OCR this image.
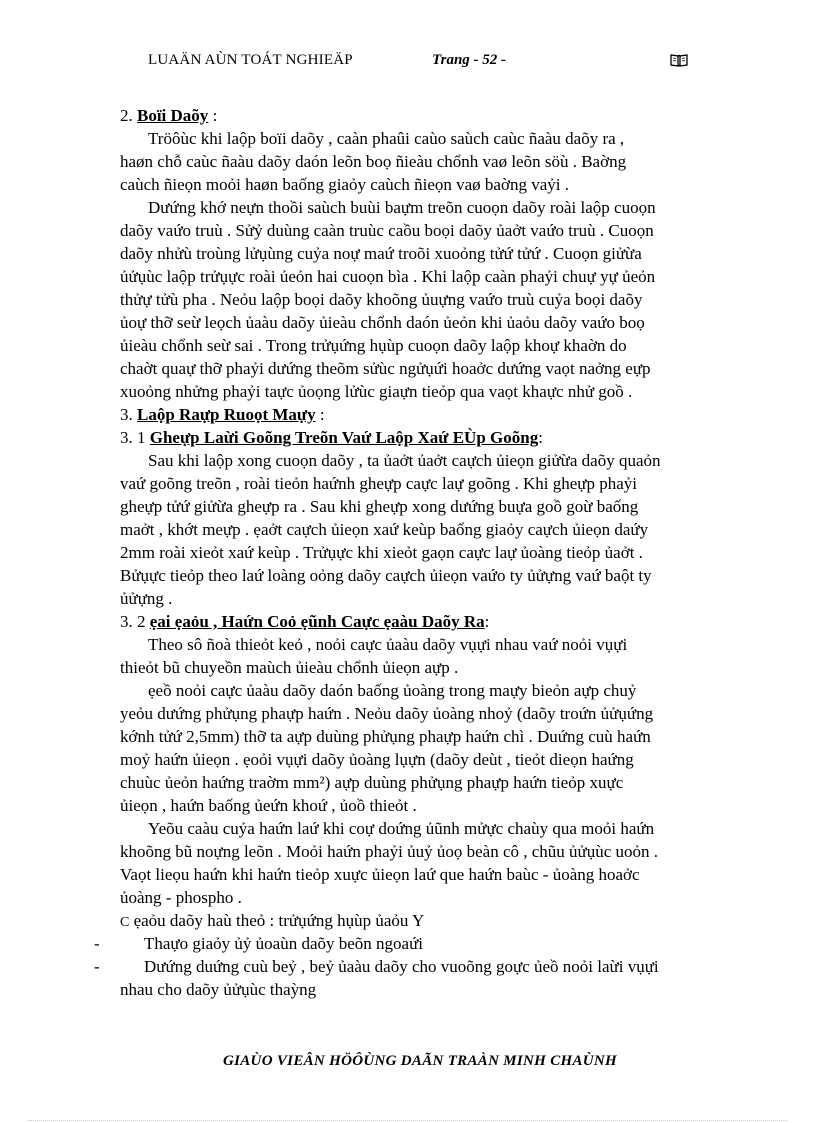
LUAÄN AÙN TOÁT NGHIEÄP	Trang - 52 -
2. Boïi Daõy :
Tröôùc khi laộp boïi daõy , caàn phaûi caùo saùch caùc ñaàu daõy ra ,
haøn chỗ caùc ñaàu daõy daón leõn boọ ñieàu chổnh vaø leõn söù . Baờng
caùch ñieọn moỏi haøn baống giaỏy caùch ñieọn vaø baờng vaỷi .
Dưứng khớ neựn thoồi saùch buùi baựm treõn cuoọn daõy roài laộp cuoọn
daõy vaứo truù . Sửỷ duùng caàn truùc caồu boọi daõy ủaởt vaứo truù . Cuoọn
daõy nhửù troùng lửụùng cuỷa noự maứ troõi xuoỏng tửứ tửứ . Cuoọn giửừa
ủửụùc laộp trửụực roài ủeỏn hai cuoọn bìa . Khi laộp caàn phaỷi chuự yự ủeỏn
thửự tửù pha . Neỏu laộp boọi daõy khoõng ủuựng vaứo truù cuỷa boọi daõy
ủoự thỡ seừ leọch ủaàu daõy ủieàu chổnh daón ủeỏn khi ủaỏu daõy vaứo boọ
ủieàu chổnh seừ sai . Trong trửụứng hụùp cuoọn daõy laộp khoự khaờn do
chaờt quaự thỡ phaỷi dưứng theõm sửùc ngửụứi hoaởc dưứng vaọt naởng eựp
xuoỏng nhửng phaỷi taực ủoọng lửùc giaựn tieỏp qua vaọt khaực nhử goồ .
3. Laộp Raựp Ruoọt Maựy :
3. 1 Gheựp Laừi Goõng Treõn Vaứ Laộp Xaứ EÙp Goõng:
Sau khi laộp xong cuoọn daõy , ta ủaởt ủaởt caựch ủieọn giửừa daõy quaỏn
vaứ goõng treõn , roài tieỏn haứnh gheựp caực laự goõng . Khi gheựp phaỷi
gheựp tửứ giửừa gheựp ra . Sau khi gheựp xong dưứng buựa goồ goừ baống
maởt , khớt meựp . ẹaởt caựch ủieọn xaứ keùp baống giaỏy caựch ủieọn daứy
2mm roài xieỏt xaứ keùp . Trửụực khi xieỏt gaọn caực laự ủoàng tieỏp ủaởt .
Bửụực tieỏp theo laứ loàng oỏng daõy caựch ủieọn vaứo ty ủửựng vaứ baột ty
ủửựng .
3. 2 ẹai ẹaỏu , Haứn Coỏ ẹũnh Caực ẹaàu Daõy Ra:
Theo sô ñoà thieỏt keỏ , noỏi caực ủaàu daõy vụựi nhau vaứ noỏi vụựi
thieỏt bũ chuyeồn maùch ủieàu chổnh ủieọn aựp .
ẹeồ noỏi caực ủaàu daõy daón baống ủoàng trong maựy bieỏn aựp chuỷ
yeỏu dưứng phửụng phaựp haứn . Neỏu daõy ủoàng nhoỷ (daõy troứn ủửụứng
kớnh tửứ 2,5mm) thỡ ta aựp duùng phửụng phaựp haứn chì . Duứng cuù haứn
moỷ haứn ủieọn . ẹoỏi vụựi daõy ủoàng lụựn (daõy deùt , tieỏt dieọn haứng
chuùc ủeỏn haứng traờm mm²) aựp duùng phửụng phaựp haứn tieỏp xuực
ủieọn , haứn baống ủeứn khoứ , ủoồ thieỏt .
Yeõu caàu cuỷa haứn laứ khi coự doứng ủũnh mửực chaùy qua moỏi haứn
khoõng bũ noựng leõn . Moỏi haứn phaỷi ủuỷ ủoọ beàn cô , chũu ủửụùc uoỏn .
Vaọt lieọu haứn khi haứn tieỏp xuực ủieọn laứ que haứn baùc - ủoàng hoaởc
ủoàng - phospho .
C ẹaỏu daõy haù theỏ : trửụứng hụùp ủaỏu Y
-	Thaựo giaỏy ủỷ ủoaùn daõy beõn ngoaứi
-	Dưứng duứng cuù beỷ , beỷ ủaàu daõy cho vuoõng goực ủeồ noỏi laừi vụựi
nhau cho daõy ủửụùc thaỳng
GIAÙO VIEÂN HÖÔÙNG DAÃN TRAÀN MINH CHAÙNH
